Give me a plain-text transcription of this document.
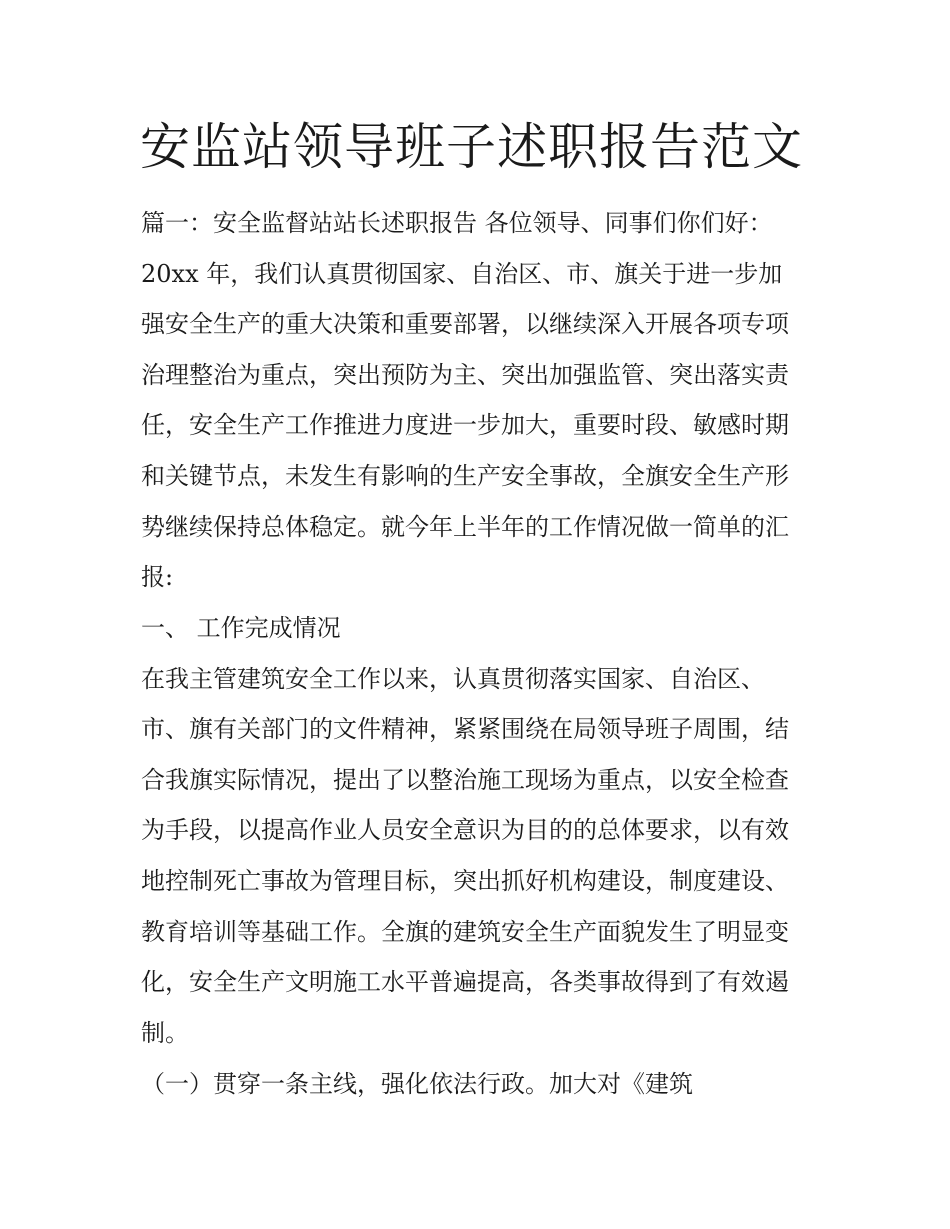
安监站领导班子述职报告范文

篇一：安全监督站站长述职报告 各位领导、同事们你们好：

20xx 年，我们认真贯彻国家、自治区、市、旗关于进一步加

强安全生产的重大决策和重要部署，以继续深入开展各项专项

治理整治为重点，突出预防为主、突出加强监管、突出落实责

任，安全生产工作推进力度进一步加大，重要时段、敏感时期

和关键节点，未发生有影响的生产安全事故，全旗安全生产形

势继续保持总体稳定。就今年上半年的工作情况做一简单的汇

报:

一、 工作完成情况

在我主管建筑安全工作以来，认真贯彻落实国家、自治区、

市、旗有关部门的文件精神，紧紧围绕在局领导班子周围，结

合我旗实际情况，提出了以整治施工现场为重点，以安全检查

为手段，以提高作业人员安全意识为目的的总体要求，以有效

地控制死亡事故为管理目标，突出抓好机构建设，制度建设、

教育培训等基础工作。全旗的建筑安全生产面貌发生了明显变

化，安全生产文明施工水平普遍提高，各类事故得到了有效遏

制。

（一）贯穿一条主线，强化依法行政。加大对《建筑
